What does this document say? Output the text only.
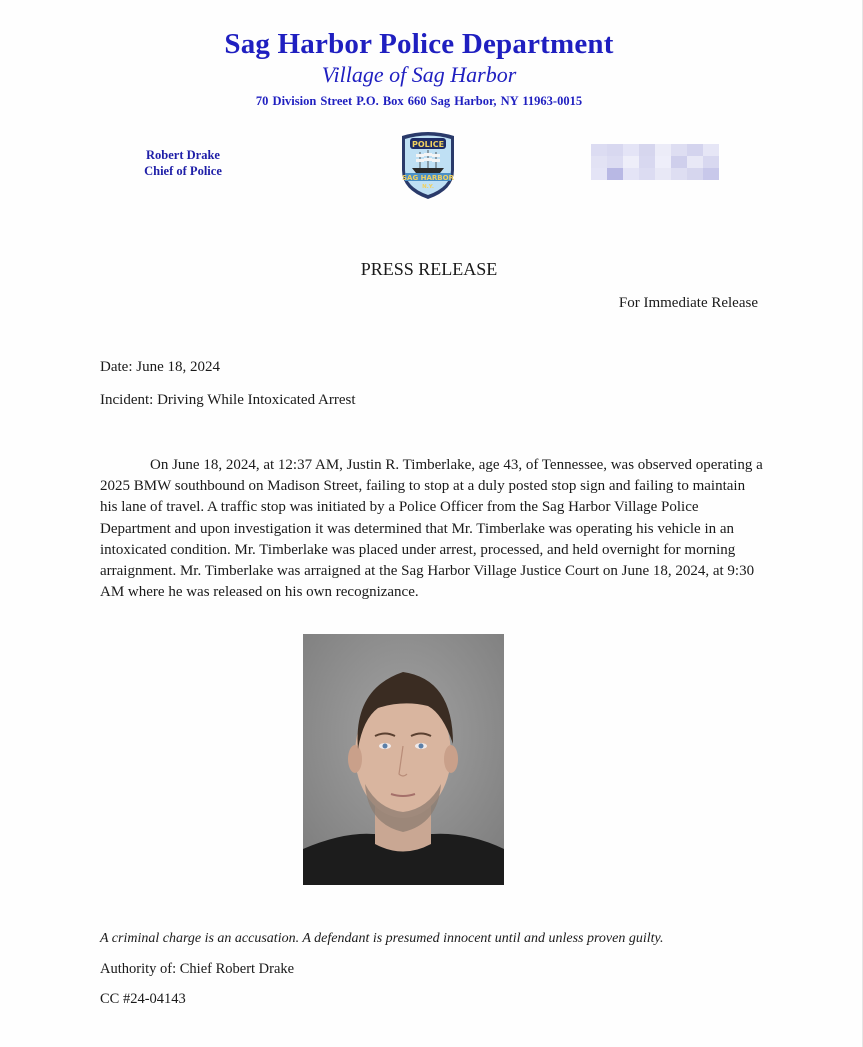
Sag Harbor Police Department
Village of Sag Harbor
70 Division Street P.O. Box 660 Sag Harbor, NY 11963-0015
Robert Drake
Chief of Police
POLICE
SAG HARBOR
N.Y.
PRESS RELEASE
For Immediate Release
Date: June 18, 2024
Incident: Driving While Intoxicated Arrest

On June 18, 2024, at 12:37 AM, Justin R. Timberlake, age 43, of Tennessee, was observed operating a 2025 BMW southbound on Madison Street, failing to stop at a duly posted stop sign and failing to maintain his lane of travel. A traffic stop was initiated by a Police Officer from the Sag Harbor Village Police Department and upon investigation it was determined that Mr. Timberlake was operating his vehicle in an intoxicated condition. Mr. Timberlake was placed under arrest, processed, and held overnight for morning arraignment. Mr. Timberlake was arraigned at the Sag Harbor Village Justice Court on June 18, 2024, at 9:30 AM where he was released on his own recognizance.

A criminal charge is an accusation. A defendant is presumed innocent until and unless proven guilty.
Authority of: Chief Robert Drake
CC #24-04143
